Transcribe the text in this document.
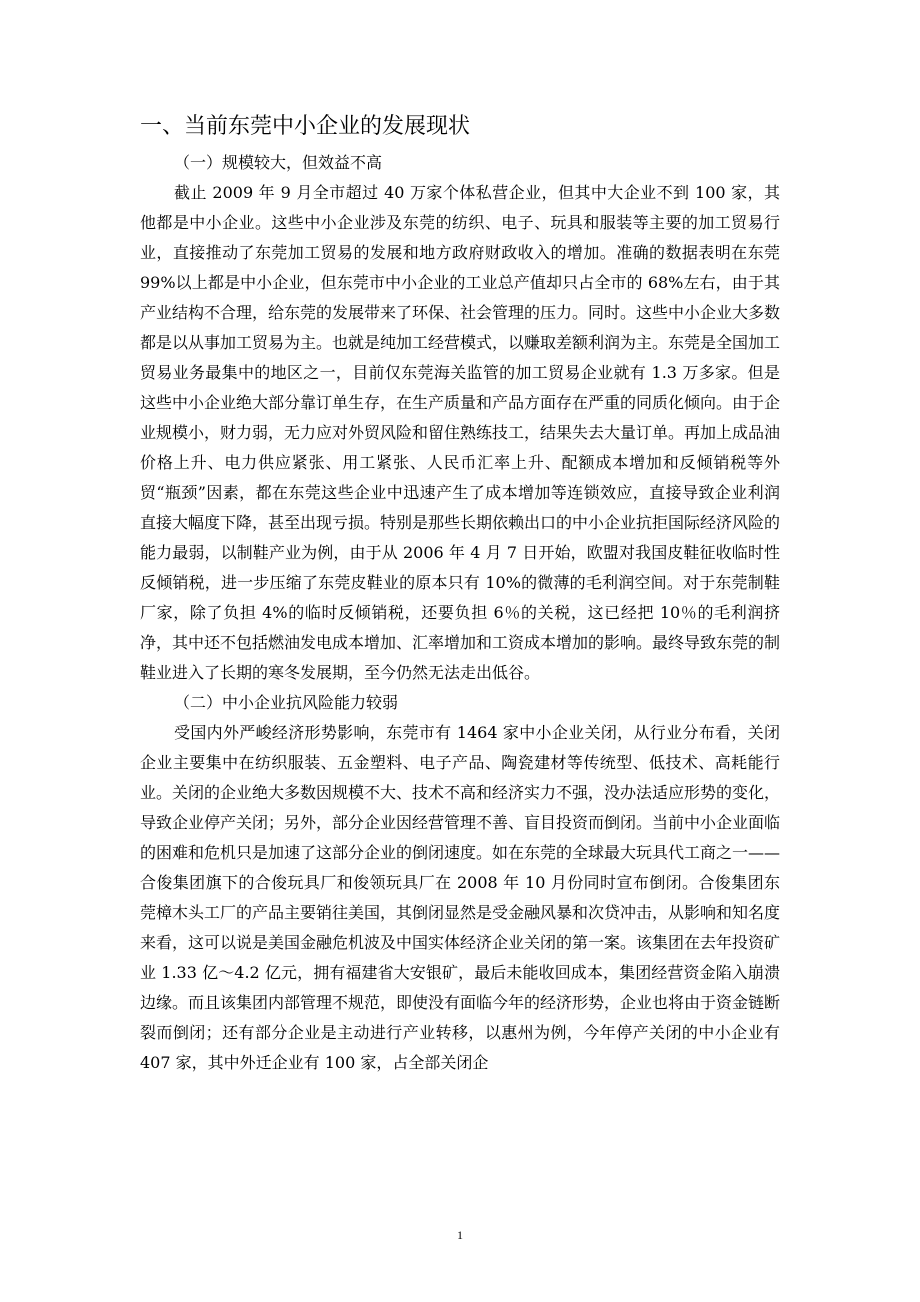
一、当前东莞中小企业的发展现状

（一）规模较大，但效益不高

截止 2009 年 9 月全市超过 40 万家个体私营企业，但其中大企业不到 100 家，其他都是中小企业。这些中小企业涉及东莞的纺织、电子、玩具和服装等主要的加工贸易行业，直接推动了东莞加工贸易的发展和地方政府财政收入的增加。准确的数据表明在东莞 99%以上都是中小企业，但东莞市中小企业的工业总产值却只占全市的 68%左右，由于其产业结构不合理，给东莞的发展带来了环保、社会管理的压力。同时。这些中小企业大多数都是以从事加工贸易为主。也就是纯加工经营模式，以赚取差额利润为主。东莞是全国加工贸易业务最集中的地区之一，目前仅东莞海关监管的加工贸易企业就有 1.3 万多家。但是这些中小企业绝大部分靠订单生存，在生产质量和产品方面存在严重的同质化倾向。由于企业规模小，财力弱，无力应对外贸风险和留住熟练技工，结果失去大量订单。再加上成品油价格上升、电力供应紧张、用工紧张、人民币汇率上升、配额成本增加和反倾销税等外贸“瓶颈”因素，都在东莞这些企业中迅速产生了成本增加等连锁效应，直接导致企业利润直接大幅度下降，甚至出现亏损。特别是那些长期依赖出口的中小企业抗拒国际经济风险的能力最弱，以制鞋产业为例，由于从 2006 年 4 月 7 日开始，欧盟对我国皮鞋征收临时性反倾销税，进一步压缩了东莞皮鞋业的原本只有 10%的微薄的毛利润空间。对于东莞制鞋厂家，除了负担 4%的临时反倾销税，还要负担 6％的关税，这已经把 10％的毛利润挤净，其中还不包括燃油发电成本增加、汇率增加和工资成本增加的影响。最终导致东莞的制鞋业进入了长期的寒冬发展期，至今仍然无法走出低谷。

（二）中小企业抗风险能力较弱

受国内外严峻经济形势影响，东莞市有 1464 家中小企业关闭，从行业分布看，关闭企业主要集中在纺织服装、五金塑料、电子产品、陶瓷建材等传统型、低技术、高耗能行业。关闭的企业绝大多数因规模不大、技术不高和经济实力不强，没办法适应形势的变化，导致企业停产关闭；另外，部分企业因经营管理不善、盲目投资而倒闭。当前中小企业面临的困难和危机只是加速了这部分企业的倒闭速度。如在东莞的全球最大玩具代工商之一——合俊集团旗下的合俊玩具厂和俊领玩具厂在 2008 年 10 月份同时宣布倒闭。合俊集团东莞樟木头工厂的产品主要销往美国，其倒闭显然是受金融风暴和次贷冲击，从影响和知名度来看，这可以说是美国金融危机波及中国实体经济企业关闭的第一案。该集团在去年投资矿业 1.33 亿～4.2 亿元，拥有福建省大安银矿，最后未能收回成本，集团经营资金陷入崩溃边缘。而且该集团内部管理不规范，即使没有面临今年的经济形势，企业也将由于资金链断裂而倒闭；还有部分企业是主动进行产业转移，以惠州为例，今年停产关闭的中小企业有 407 家，其中外迁企业有 100 家，占全部关闭企

1
